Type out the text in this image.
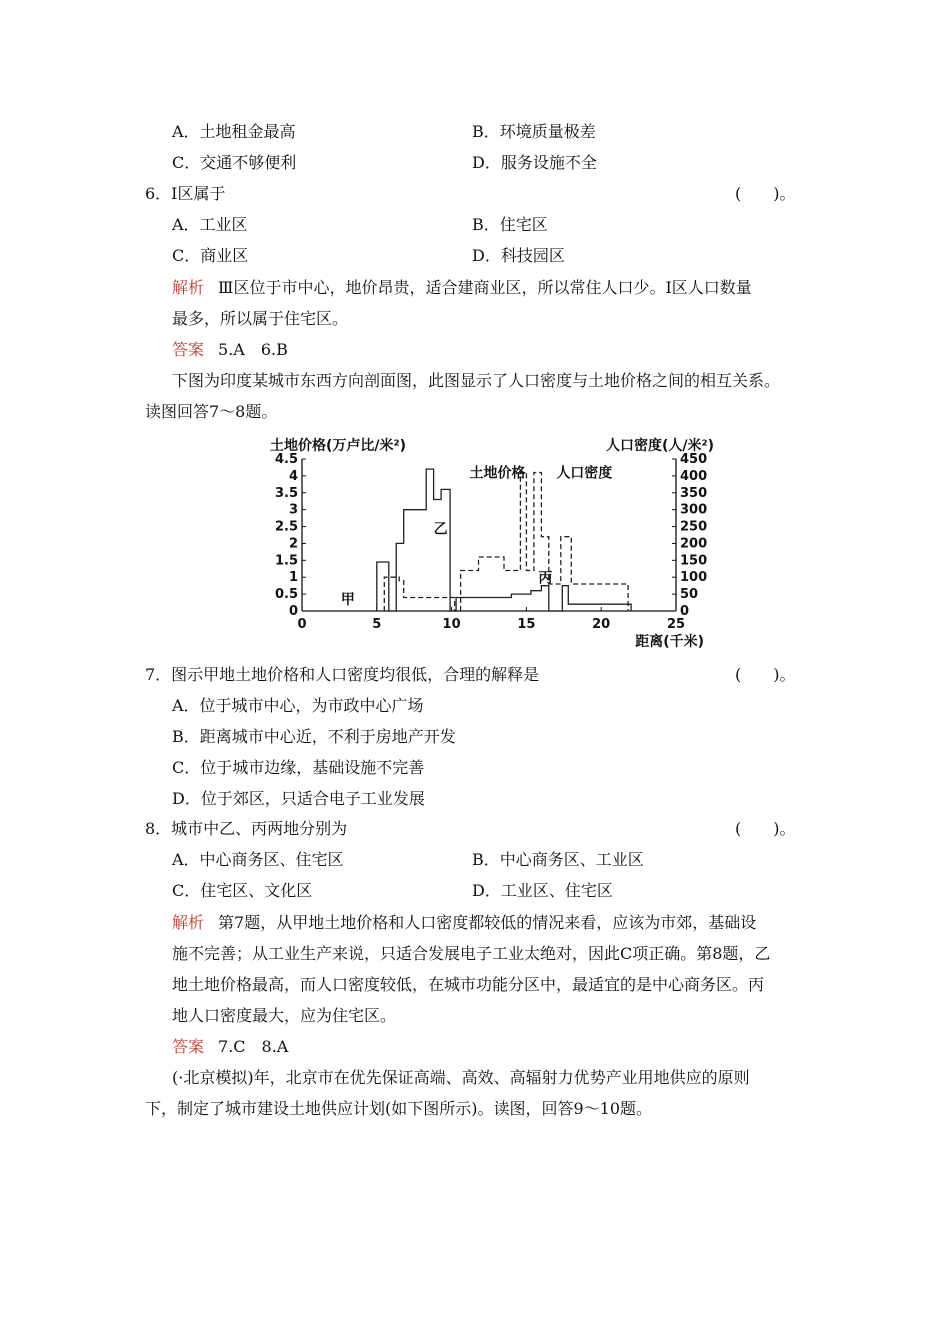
A．土地租金最高	B．环境质量极差
C．交通不够便利	D．服务设施不全
6．Ⅰ区属于	(　　)。
A．工业区	B．住宅区
C．商业区	D．科技园区
解析 Ⅲ区位于市中心，地价昂贵，适合建商业区，所以常住人口少。Ⅰ区人口数量
最多，所以属于住宅区。
答案 5.A　6.B
下图为印度某城市东西方向剖面图，此图显示了人口密度与土地价格之间的相互关系。
读图回答7～8题。
土地价格(万卢比/米²)	人口密度(人/米²)
距离(千米)
0
0.5
1
1.5
2
2.5
3
3.5
4
4.5
0
50
100
150
200
250
300
350
400
450
0	5	10	15	20	25
甲
乙
丙
土地价格 人口密度
7．图示甲地土地价格和人口密度均很低，合理的解释是	(　　)。
A．位于城市中心，为市政中心广场
B．距离城市中心近，不利于房地产开发
C．位于城市边缘，基础设施不完善
D．位于郊区，只适合电子工业发展
8．城市中乙、丙两地分别为	(　　)。
A．中心商务区、住宅区	B．中心商务区、工业区
C．住宅区、文化区	D．工业区、住宅区
解析 第7题，从甲地土地价格和人口密度都较低的情况来看，应该为市郊，基础设
施不完善；从工业生产来说，只适合发展电子工业太绝对，因此C项正确。第8题，乙
地土地价格最高，而人口密度较低，在城市功能分区中，最适宜的是中心商务区。丙
地人口密度最大，应为住宅区。
答案 7.C　8.A
(·北京模拟)年，北京市在优先保证高端、高效、高辐射力优势产业用地供应的原则
下，制定了城市建设土地供应计划(如下图所示)。读图，回答9～10题。
